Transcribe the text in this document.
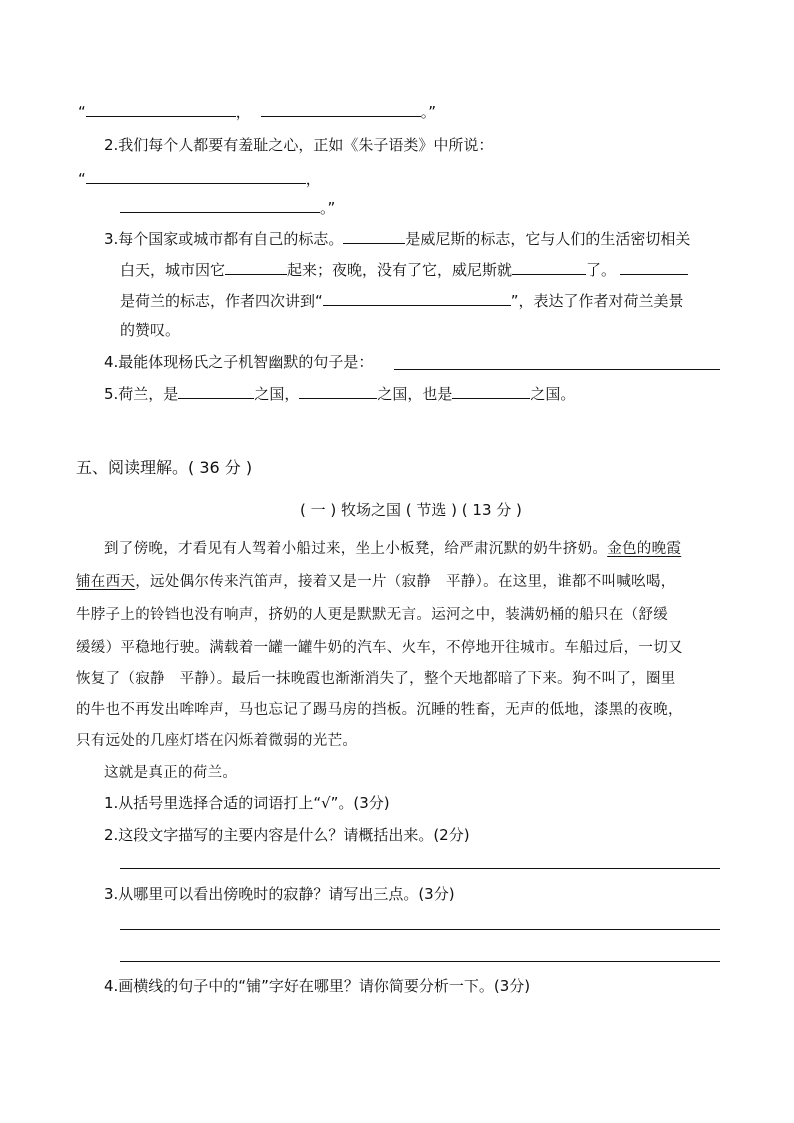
“	，	。”
2.我们每个人都要有羞耻之心，正如《朱子语类》中所说：
“	，
。”
3.每个国家或城市都有自己的标志。	是威尼斯的标志，它与人们的生活密切相关
白天，城市因它	起来；夜晚，没有了它，威尼斯就	了。
是荷兰的标志，作者四次讲到“	”，表达了作者对荷兰美景
的赞叹。
4.最能体现杨氏之子机智幽默的句子是：
5.荷兰，是	之国，	之国，也是	之国。
五、阅读理解。( 36 分 )
( 一 ) 牧场之国 ( 节选 ) ( 13 分 )
到了傍晚，才看见有人驾着小船过来，坐上小板凳，给严肃沉默的奶牛挤奶。金色的晚霞
铺在西天，远处偶尔传来汽笛声，接着又是一片（寂静　平静）。在这里，谁都不叫喊吆喝，
牛脖子上的铃铛也没有响声，挤奶的人更是默默无言。运河之中，装满奶桶的船只在（舒缓
缓缓）平稳地行驶。满载着一罐一罐牛奶的汽车、火车，不停地开往城市。车船过后，一切又
恢复了（寂静　平静）。最后一抹晚霞也渐渐消失了，整个天地都暗了下来。狗不叫了，圈里
的牛也不再发出哞哞声，马也忘记了踢马房的挡板。沉睡的牲畜，无声的低地，漆黑的夜晚，
只有远处的几座灯塔在闪烁着微弱的光芒。
这就是真正的荷兰。
1.从括号里选择合适的词语打上“√”。(3分)
2.这段文字描写的主要内容是什么？请概括出来。(2分)
3.从哪里可以看出傍晚时的寂静？请写出三点。(3分)
4.画横线的句子中的“铺”字好在哪里？请你简要分析一下。(3分)
